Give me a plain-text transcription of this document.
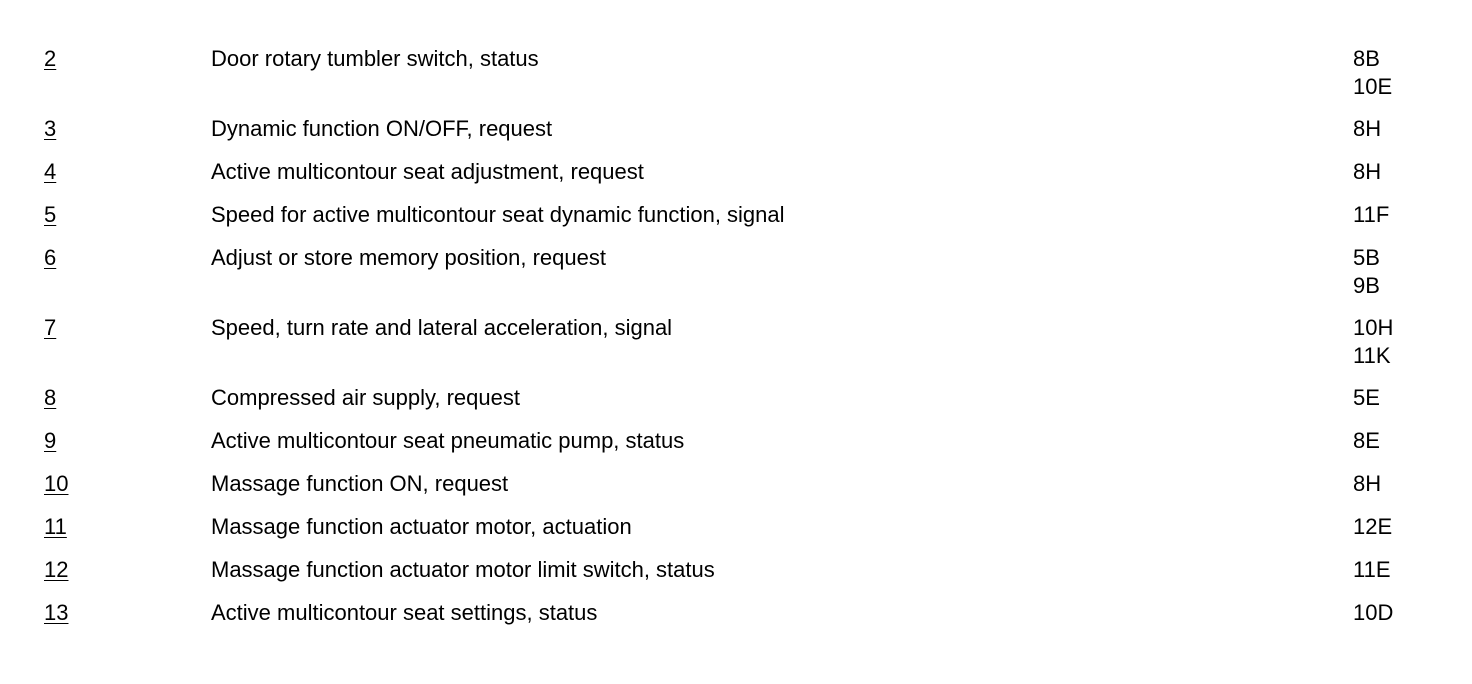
2	Door rotary tumbler switch, status	8B
10E
3	Dynamic function ON/OFF, request	8H
4	Active multicontour seat adjustment, request	8H
5	Speed for active multicontour seat dynamic function, signal	11F
6	Adjust or store memory position, request	5B
9B
7	Speed, turn rate and lateral acceleration, signal	10H
11K
8	Compressed air supply, request	5E
9	Active multicontour seat pneumatic pump, status	8E
10	Massage function ON, request	8H
11	Massage function actuator motor, actuation	12E
12	Massage function actuator motor limit switch, status	11E
13	Active multicontour seat settings, status	10D
